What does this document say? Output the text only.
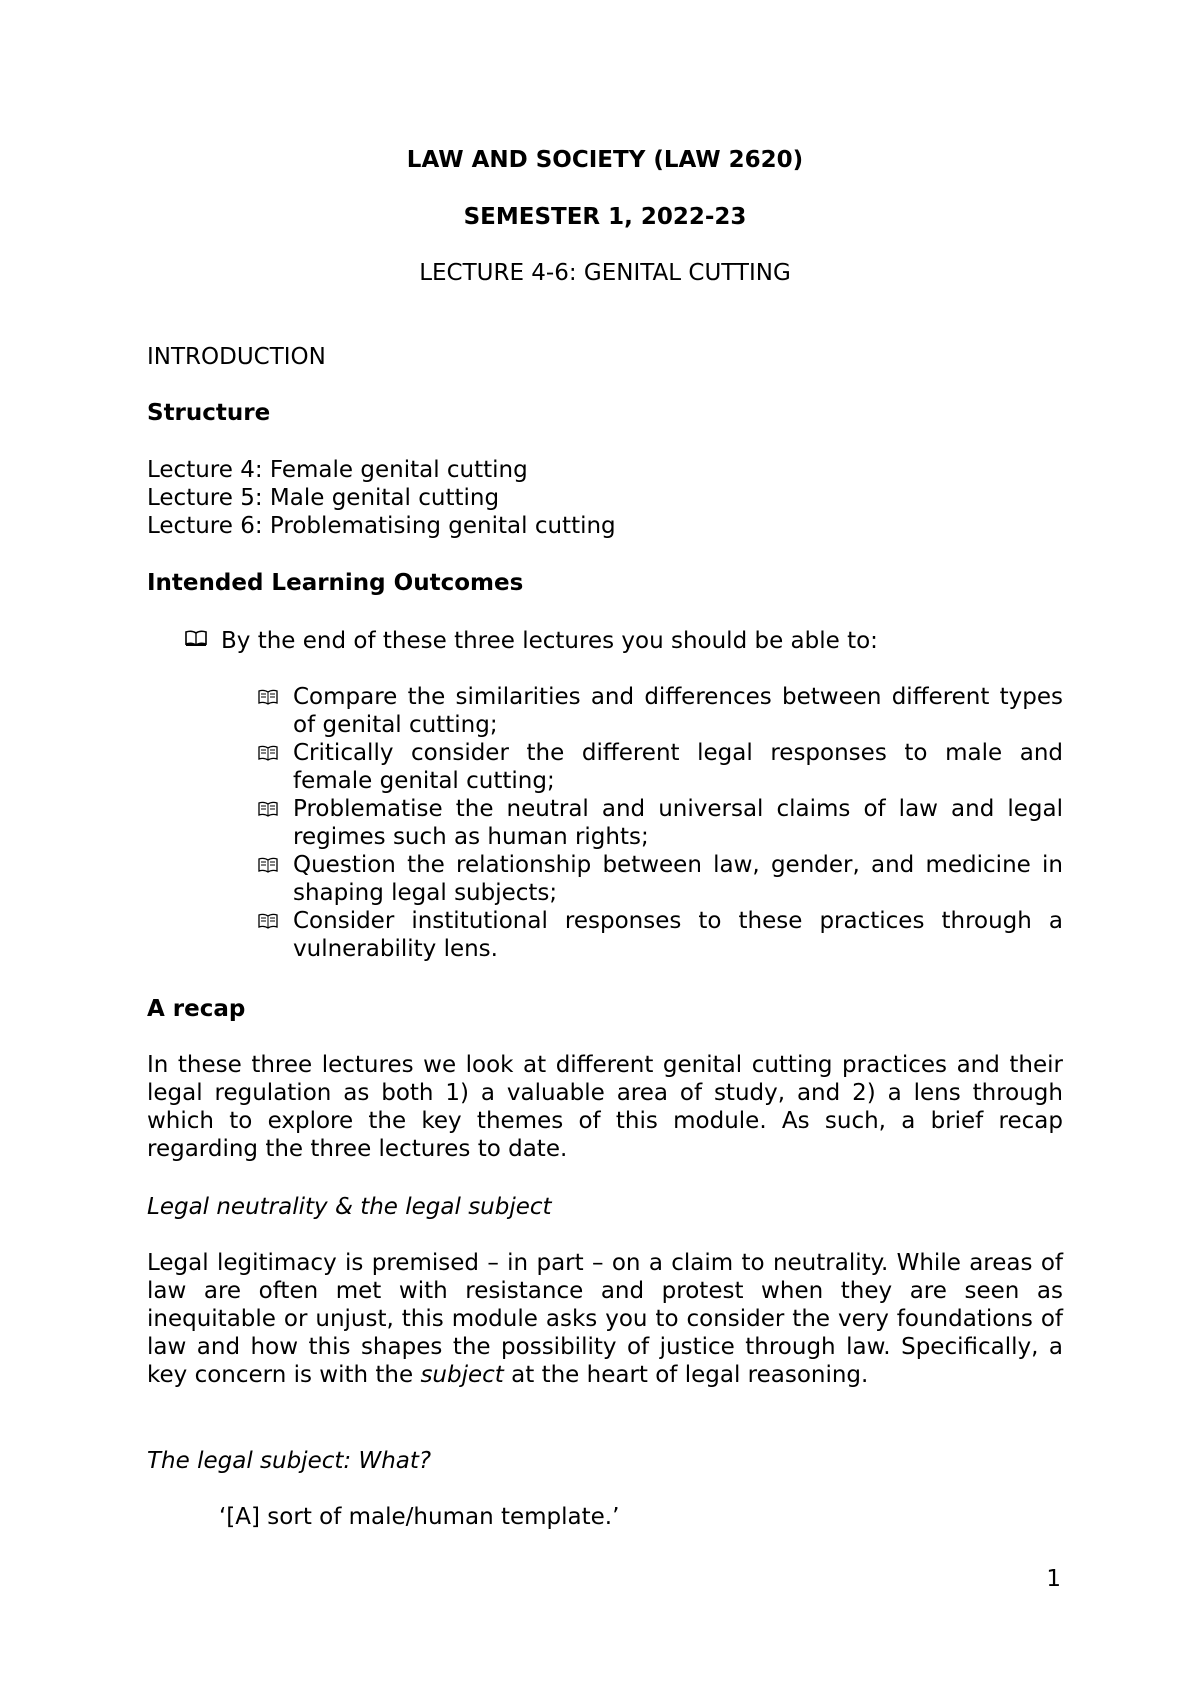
LAW AND SOCIETY (LAW 2620)

SEMESTER 1, 2022-23

LECTURE 4-6: GENITAL CUTTING

INTRODUCTION

Structure

Lecture 4: Female genital cutting

Lecture 5: Male genital cutting

Lecture 6: Problematising genital cutting

Intended Learning Outcomes

By the end of these three lectures you should be able to:
Compare the similarities and differences between different types of genital cutting;
Critically consider the different legal responses to male and female genital cutting;
Problematise the neutral and universal claims of law and legal regimes such as human rights;
Question the relationship between law, gender, and medicine in shaping legal subjects;
Consider institutional responses to these practices through a vulnerability lens.

A recap

In these three lectures we look at different genital cutting practices and their legal regulation as both 1) a valuable area of study, and 2) a lens through which to explore the key themes of this module. As such, a brief recap regarding the three lectures to date.

Legal neutrality & the legal subject

Legal legitimacy is premised – in part – on a claim to neutrality. While areas of law are often met with resistance and protest when they are seen as inequitable or unjust, this module asks you to consider the very foundations of law and how this shapes the possibility of justice through law. Specifically, a key concern is with the subject at the heart of legal reasoning.

The legal subject: What?

‘[A] sort of male/human template.’

1
